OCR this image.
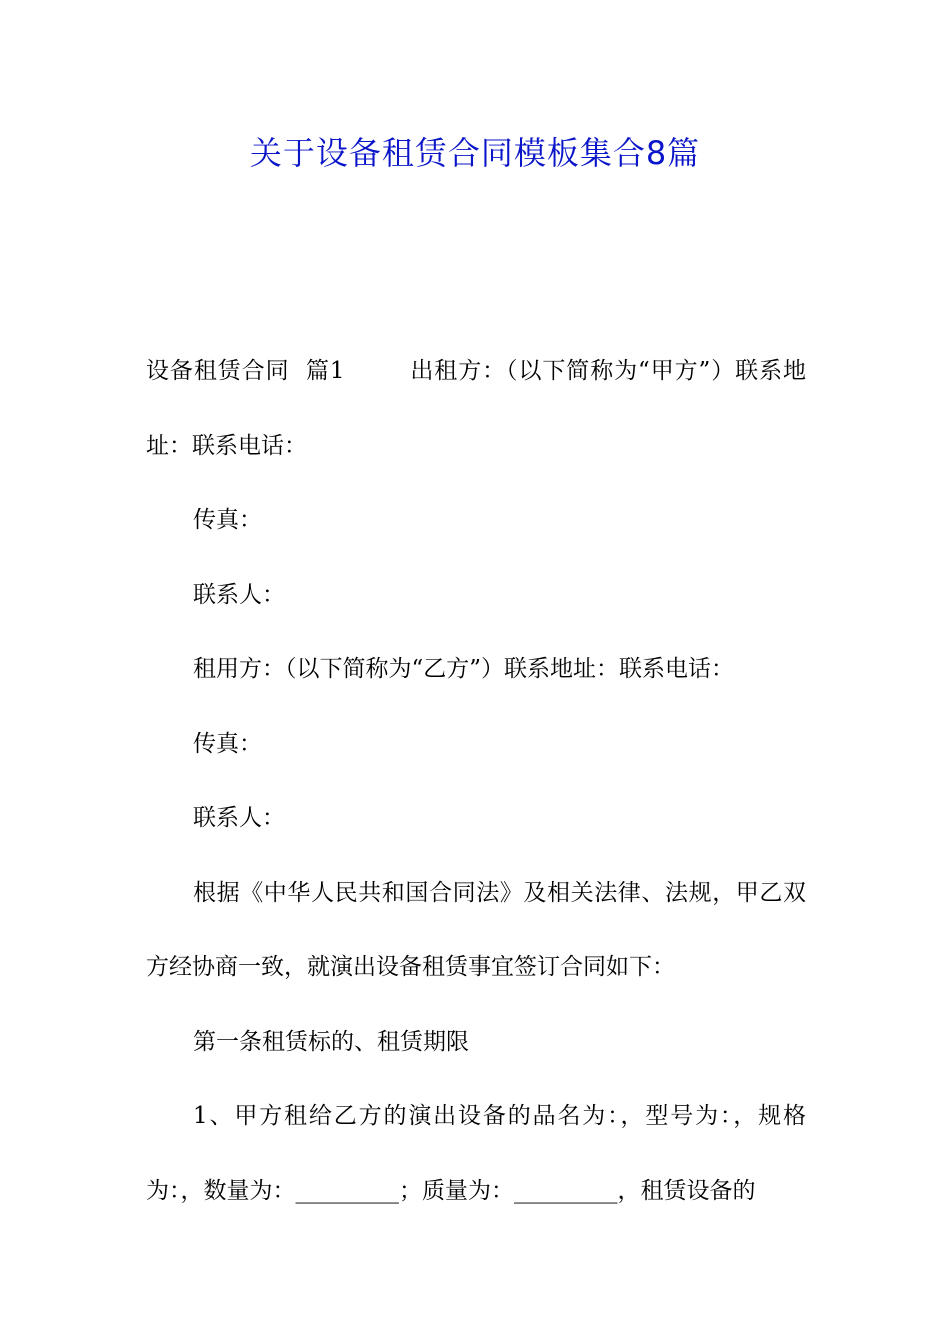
关于设备租赁合同模板集合8篇

设备租赁合同  篇1        出租方：（以下简称为“甲方”）联系地址：联系电话：

传真：

联系人：

租用方：（以下简称为“乙方”）联系地址：联系电话：

传真：

联系人：

根据《中华人民共和国合同法》及相关法律、法规，甲乙双方经协商一致，就演出设备租赁事宜签订合同如下：

第一条租赁标的、租赁期限

1、甲方租给乙方的演出设备的品名为：，型号为：，规格为：，数量为：_________；质量为：_________，租赁设备的
